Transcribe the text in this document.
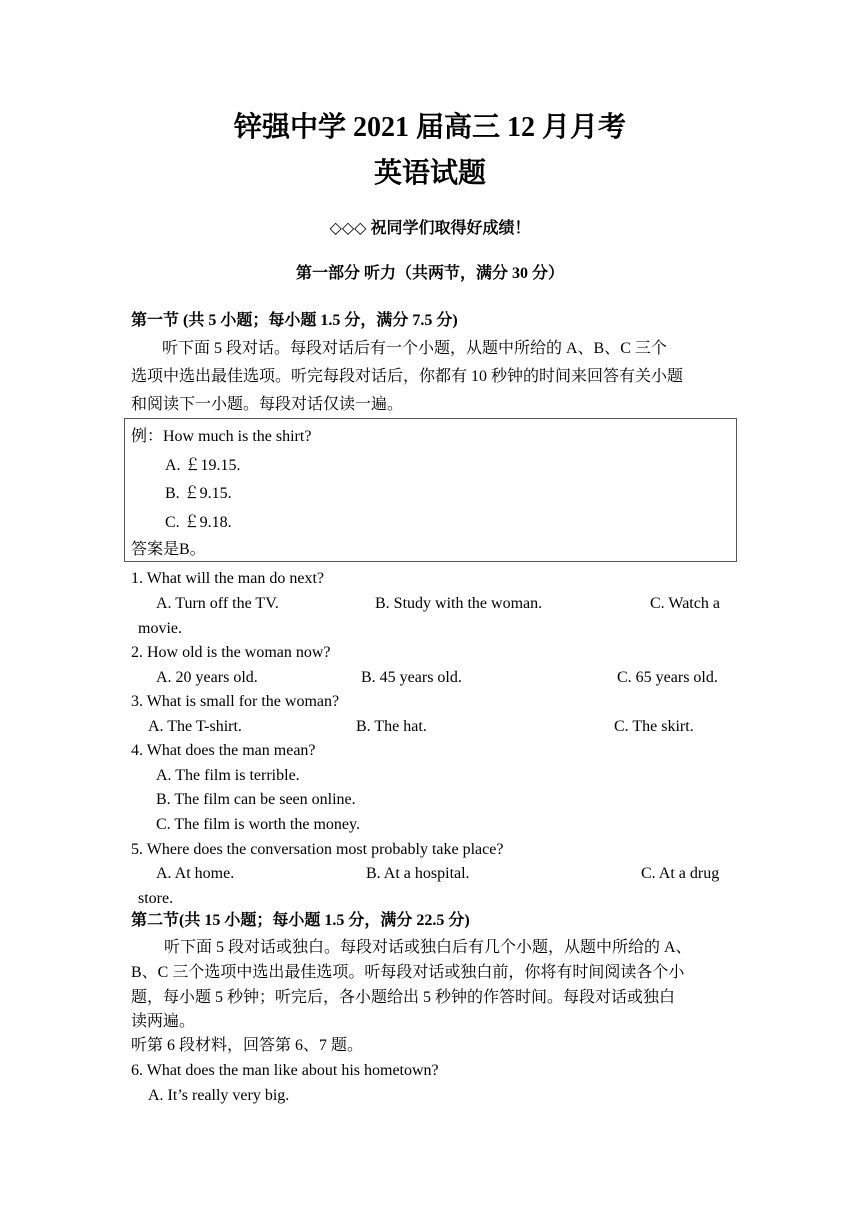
锌强中学 2021 届高三 12 月月考
英语试题
◇◇◇ 祝同学们取得好成绩！
第一部分 听力（共两节，满分 30 分）
第一节 (共 5 小题；每小题 1.5 分，满分 7.5 分)
听下面 5 段对话。每段对话后有一个小题，从题中所给的 A、B、C 三个
选项中选出最佳选项。听完每段对话后，你都有 10 秒钟的时间来回答有关小题
和阅读下一小题。每段对话仅读一遍。
例：How much is the shirt?
A. ￡19.15.
B. ￡9.15.
C. ￡9.18.
答案是B。
1. What will the man do next?
A. Turn off the TV.	B. Study with the woman.	C. Watch a
movie.
2. How old is the woman now?
A. 20 years old.	B. 45 years old.	C. 65 years old.
3. What is small for the woman?
A. The T-shirt.	B. The hat.	C. The skirt.
4. What does the man mean?
A. The film is terrible.
B. The film can be seen online.
C. The film is worth the money.
5. Where does the conversation most probably take place?
A. At home.	B. At a hospital.	C. At a drug
store.
第二节(共 15 小题；每小题 1.5 分，满分 22.5 分)
听下面 5 段对话或独白。每段对话或独白后有几个小题，从题中所给的 A、
B、C 三个选项中选出最佳选项。听每段对话或独白前，你将有时间阅读各个小
题，每小题 5 秒钟；听完后，各小题给出 5 秒钟的作答时间。每段对话或独白
读两遍。
听第 6 段材料，回答第 6、7 题。
6. What does the man like about his hometown?
A. It’s really very big.
